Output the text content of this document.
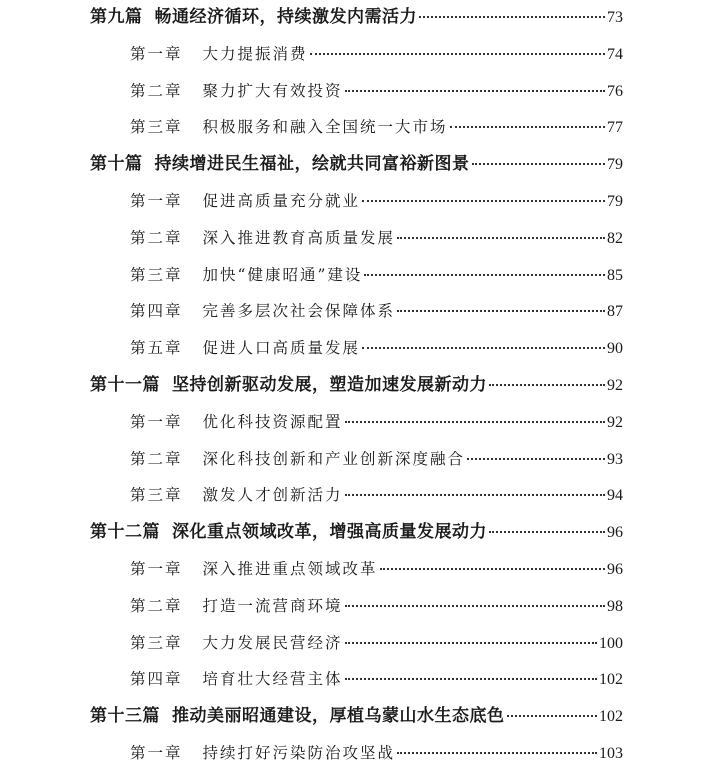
第九篇 畅通经济循环，持续激发内需活力	73
第一章 大力提振消费	74
第二章 聚力扩大有效投资	76
第三章 积极服务和融入全国统一大市场	77
第十篇 持续增进民生福祉，绘就共同富裕新图景	79
第一章 促进高质量充分就业	79
第二章 深入推进教育高质量发展	82
第三章 加快“健康昭通”建设	85
第四章 完善多层次社会保障体系	87
第五章 促进人口高质量发展	90
第十一篇 坚持创新驱动发展，塑造加速发展新动力	92
第一章 优化科技资源配置	92
第二章 深化科技创新和产业创新深度融合	93
第三章 激发人才创新活力	94
第十二篇 深化重点领域改革，增强高质量发展动力	96
第一章 深入推进重点领域改革	96
第二章 打造一流营商环境	98
第三章 大力发展民营经济	100
第四章 培育壮大经营主体	102
第十三篇 推动美丽昭通建设，厚植乌蒙山水生态底色	102
第一章 持续打好污染防治攻坚战	103
